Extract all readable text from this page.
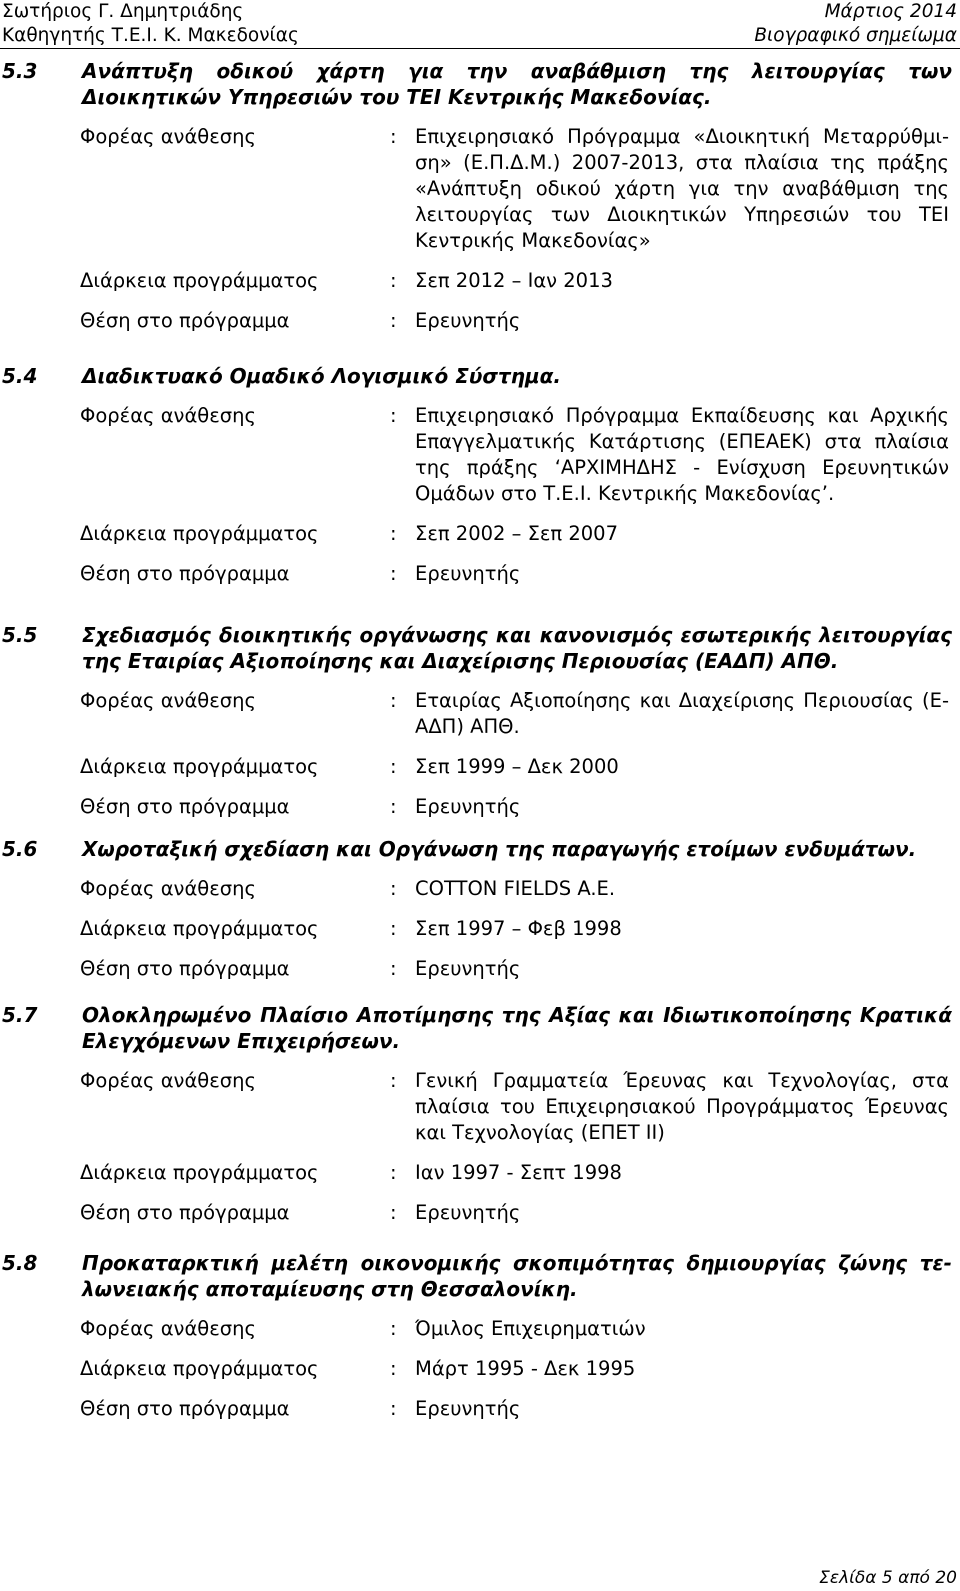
Σωτήριος Γ. Δημητριάδης
Καθηγητής Τ.Ε.Ι. Κ. Μακεδονίας
Μάρτιος 2014
Βιογραφικό σημείωμα
5.3	Ανάπτυξη οδικού χάρτη για την αναβάθμιση της λειτουργίας των Διοικητικών Υπηρεσιών του ΤΕΙ Κεντρικής Μακεδονίας.
Φορέας ανάθεσης	: Επιχειρησιακό Πρόγραμμα «Διοικητική Μεταρρύθμι-ση» (Ε.Π.Δ.Μ.) 2007-2013, στα πλαίσια της πράξης «Ανάπτυξη οδικού χάρτη για την αναβάθμιση της λειτουργίας των Διοικητικών Υπηρεσιών του ΤΕΙ Κεντρικής Μακεδονίας»
Διάρκεια προγράμματος	: Σεπ 2012 – Ιαν 2013
Θέση στο πρόγραμμα	: Ερευνητής
5.4	Διαδικτυακό Ομαδικό Λογισμικό Σύστημα.
Φορέας ανάθεσης	: Επιχειρησιακό Πρόγραμμα Εκπαίδευσης και Αρχικής Επαγγελματικής Κατάρτισης (ΕΠΕΑΕΚ) στα πλαίσια της πράξης ‘ΑΡΧΙΜΗΔΗΣ - Ενίσχυση Ερευνητικών Ομάδων στο Τ.Ε.Ι. Κεντρικής Μακεδονίας’.
Διάρκεια προγράμματος	: Σεπ 2002 – Σεπ 2007
Θέση στο πρόγραμμα	: Ερευνητής
5.5	Σχεδιασμός διοικητικής οργάνωσης και κανονισμός εσωτερικής λειτουργίας της Εταιρίας Αξιοποίησης και Διαχείρισης Περιουσίας (ΕΑΔΠ) ΑΠΘ.
Φορέας ανάθεσης	: Εταιρίας Αξιοποίησης και Διαχείρισης Περιουσίας (Ε-ΑΔΠ) ΑΠΘ.
Διάρκεια προγράμματος	: Σεπ 1999 – Δεκ 2000
Θέση στο πρόγραμμα	: Ερευνητής
5.6	Χωροταξική σχεδίαση και Οργάνωση της παραγωγής ετοίμων ενδυμάτων.
Φορέας ανάθεσης	: COTTON FIELDS A.E.
Διάρκεια προγράμματος	: Σεπ 1997 – Φεβ 1998
Θέση στο πρόγραμμα	: Ερευνητής
5.7	Ολοκληρωμένο Πλαίσιο Αποτίμησης της Αξίας και Ιδιωτικοποίησης Κρατικά Ελεγχόμενων Επιχειρήσεων.
Φορέας ανάθεσης	: Γενική Γραμματεία Έρευνας και Τεχνολογίας, στα πλαίσια του Επιχειρησιακού Προγράμματος Έρευνας και Τεχνολογίας (ΕΠΕΤ ΙΙ)
Διάρκεια προγράμματος	: Ιαν 1997 - Σεπτ 1998
Θέση στο πρόγραμμα	: Ερευνητής
5.8	Προκαταρκτική μελέτη οικονομικής σκοπιμότητας δημιουργίας ζώνης τε-λωνειακής αποταμίευσης στη Θεσσαλονίκη.
Φορέας ανάθεσης	: Όμιλος Επιχειρηματιών
Διάρκεια προγράμματος	: Μάρτ 1995 - Δεκ 1995
Θέση στο πρόγραμμα	: Ερευνητής
Σελίδα 5 από 20
